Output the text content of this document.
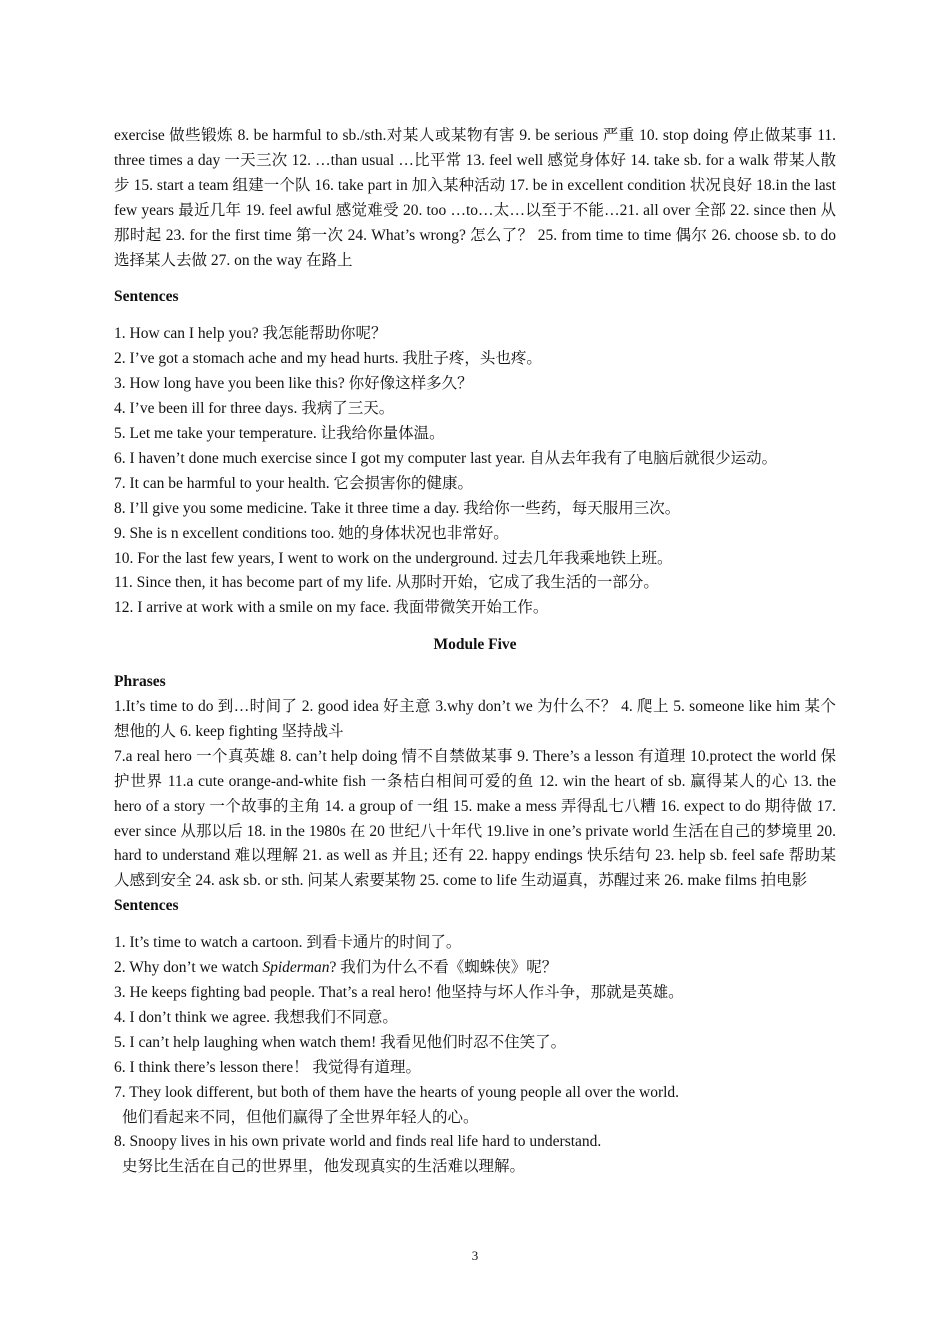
exercise 做些锻炼 8. be harmful to sb./sth.对某人或某物有害 9. be serious 严重 10. stop doing 停止做某事 11. three times a day 一天三次 12. …than usual …比平常 13. feel well 感觉身体好 14. take sb. for a walk 带某人散步 15. start a team 组建一个队 16. take part in 加入某种活动 17. be in excellent condition 状况良好 18.in the last few years 最近几年 19. feel awful 感觉难受 20. too …to…太…以至于不能…21. all over 全部 22. since then 从那时起 23. for the first time 第一次 24. What’s wrong? 怎么了？ 25. from time to time 偶尔 26. choose sb. to do 选择某人去做 27. on the way 在路上

Sentences

1. How can I help you? 我怎能帮助你呢？

2. I’ve got a stomach ache and my head hurts. 我肚子疼，头也疼。

3. How long have you been like this? 你好像这样多久？

4. I’ve been ill for three days. 我病了三天。

5. Let me take your temperature. 让我给你量体温。

6. I haven’t done much exercise since I got my computer last year. 自从去年我有了电脑后就很少运动。

7. It can be harmful to your health. 它会损害你的健康。

8. I’ll give you some medicine. Take it three time a day. 我给你一些药，每天服用三次。

9. She is n excellent conditions too. 她的身体状况也非常好。

10. For the last few years, I went to work on the underground. 过去几年我乘地铁上班。

11. Since then, it has become part of my life. 从那时开始，它成了我生活的一部分。

12. I arrive at work with a smile on my face. 我面带微笑开始工作。

Module Five

Phrases

1.It’s time to do 到…时间了 2. good idea 好主意 3.why don’t we 为什么不？ 4. 爬上 5. someone like him 某个想他的人 6. keep fighting 坚持战斗

7.a real hero 一个真英雄 8. can’t help doing 情不自禁做某事 9. There’s a lesson 有道理 10.protect the world 保护世界 11.a cute orange-and-white fish 一条桔白相间可爱的鱼 12. win the heart of sb. 赢得某人的心 13. the hero of a story 一个故事的主角 14. a group of 一组 15. make a mess 弄得乱七八糟 16. expect to do 期待做 17. ever since 从那以后 18. in the 1980s 在 20 世纪八十年代 19.live in one’s private world 生活在自己的梦境里 20. hard to understand 难以理解 21. as well as 并且; 还有 22. happy endings 快乐结句 23. help sb. feel safe 帮助某人感到安全 24. ask sb. or sth. 问某人索要某物 25. come to life 生动逼真，苏醒过来 26. make films 拍电影

Sentences

1. It’s time to watch a cartoon. 到看卡通片的时间了。

2. Why don’t we watch Spiderman? 我们为什么不看《蜘蛛侠》呢？

3. He keeps fighting bad people. That’s a real hero! 他坚持与坏人作斗争，那就是英雄。

4. I don’t think we agree. 我想我们不同意。

5. I can’t help laughing when watch them! 我看见他们时忍不住笑了。

6. I think there’s lesson there！ 我觉得有道理。

7. They look different, but both of them have the hearts of young people all over the world.

他们看起来不同，但他们赢得了全世界年轻人的心。

8. Snoopy lives in his own private world and finds real life hard to understand.

史努比生活在自己的世界里，他发现真实的生活难以理解。

3
